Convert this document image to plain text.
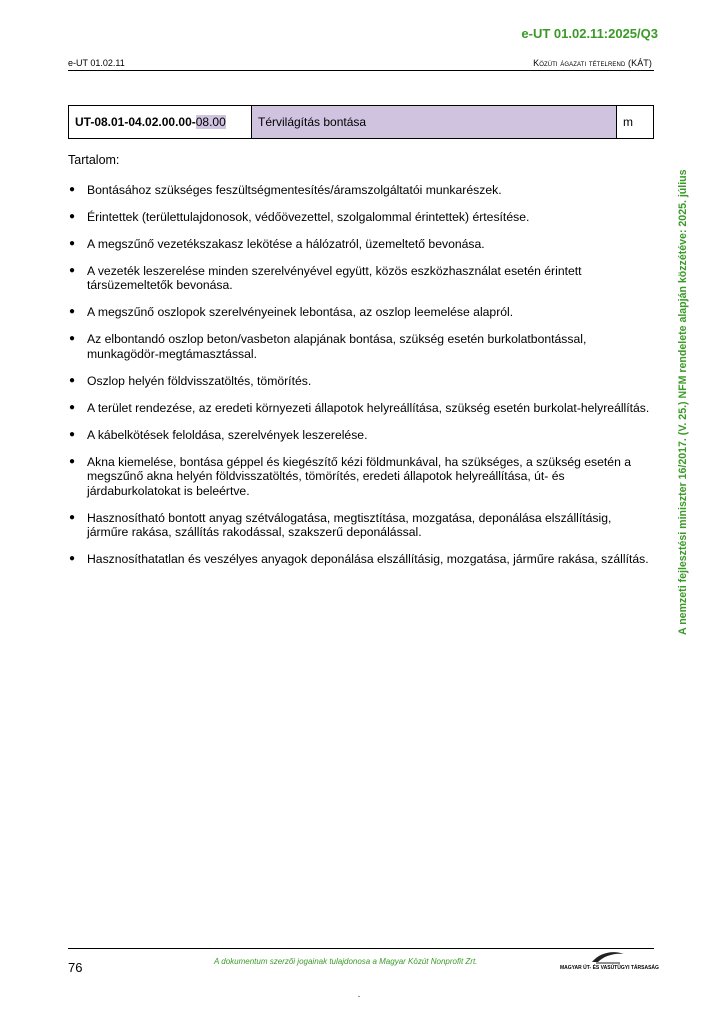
e-UT 01.02.11:2025/Q3
e-UT 01.02.11	Közúti ágazati tételrend (KÁT)
A nemzeti fejlesztési miniszter 16/2017. (V. 25.) NFM rendelete alapján közzétéve: 2025. július
UT-08.01-04.02.00.00-08.00	Térvilágítás bontása	m
Tartalom:
● Bontásához szükséges feszültségmentesítés/áramszolgáltatói munkarészek.
● Érintettek (területtulajdonosok, védőövezettel, szolgalommal érintettek) értesítése.
● A megszűnő vezetékszakasz lekötése a hálózatról, üzemeltető bevonása.
● A vezeték leszerelése minden szerelvényével együtt, közös eszközhasználat esetén érintett társüzemeltetők bevonása.
● A megszűnő oszlopok szerelvényeinek lebontása, az oszlop leemelése alapról.
● Az elbontandó oszlop beton/vasbeton alapjának bontása, szükség esetén burkolatbontással, munkagödör-megtámasztással.
● Oszlop helyén földvisszatöltés, tömörítés.
● A terület rendezése, az eredeti környezeti állapotok helyreállítása, szükség esetén burkolat-helyreállítás.
● A kábelkötések feloldása, szerelvények leszerelése.
● Akna kiemelése, bontása géppel és kiegészítő kézi földmunkával, ha szükséges, a szükség esetén a megszűnő akna helyén földvisszatöltés, tömörítés, eredeti állapotok helyreállítása, út- és járdaburkolatokat is beleértve.
● Hasznosítható bontott anyag szétválogatása, megtisztítása, mozgatása, deponálása elszállításig, járműre rakása, szállítás rakodással, szakszerű deponálással.
● Hasznosíthatatlan és veszélyes anyagok deponálása elszállításig, mozgatása, járműre rakása, szállítás.
76	A dokumentum szerzői jogainak tulajdonosa a Magyar Közút Nonprofit Zrt.
MAGYAR ÚT- ÉS VASÚTÜGYI TÁRSASÁG
